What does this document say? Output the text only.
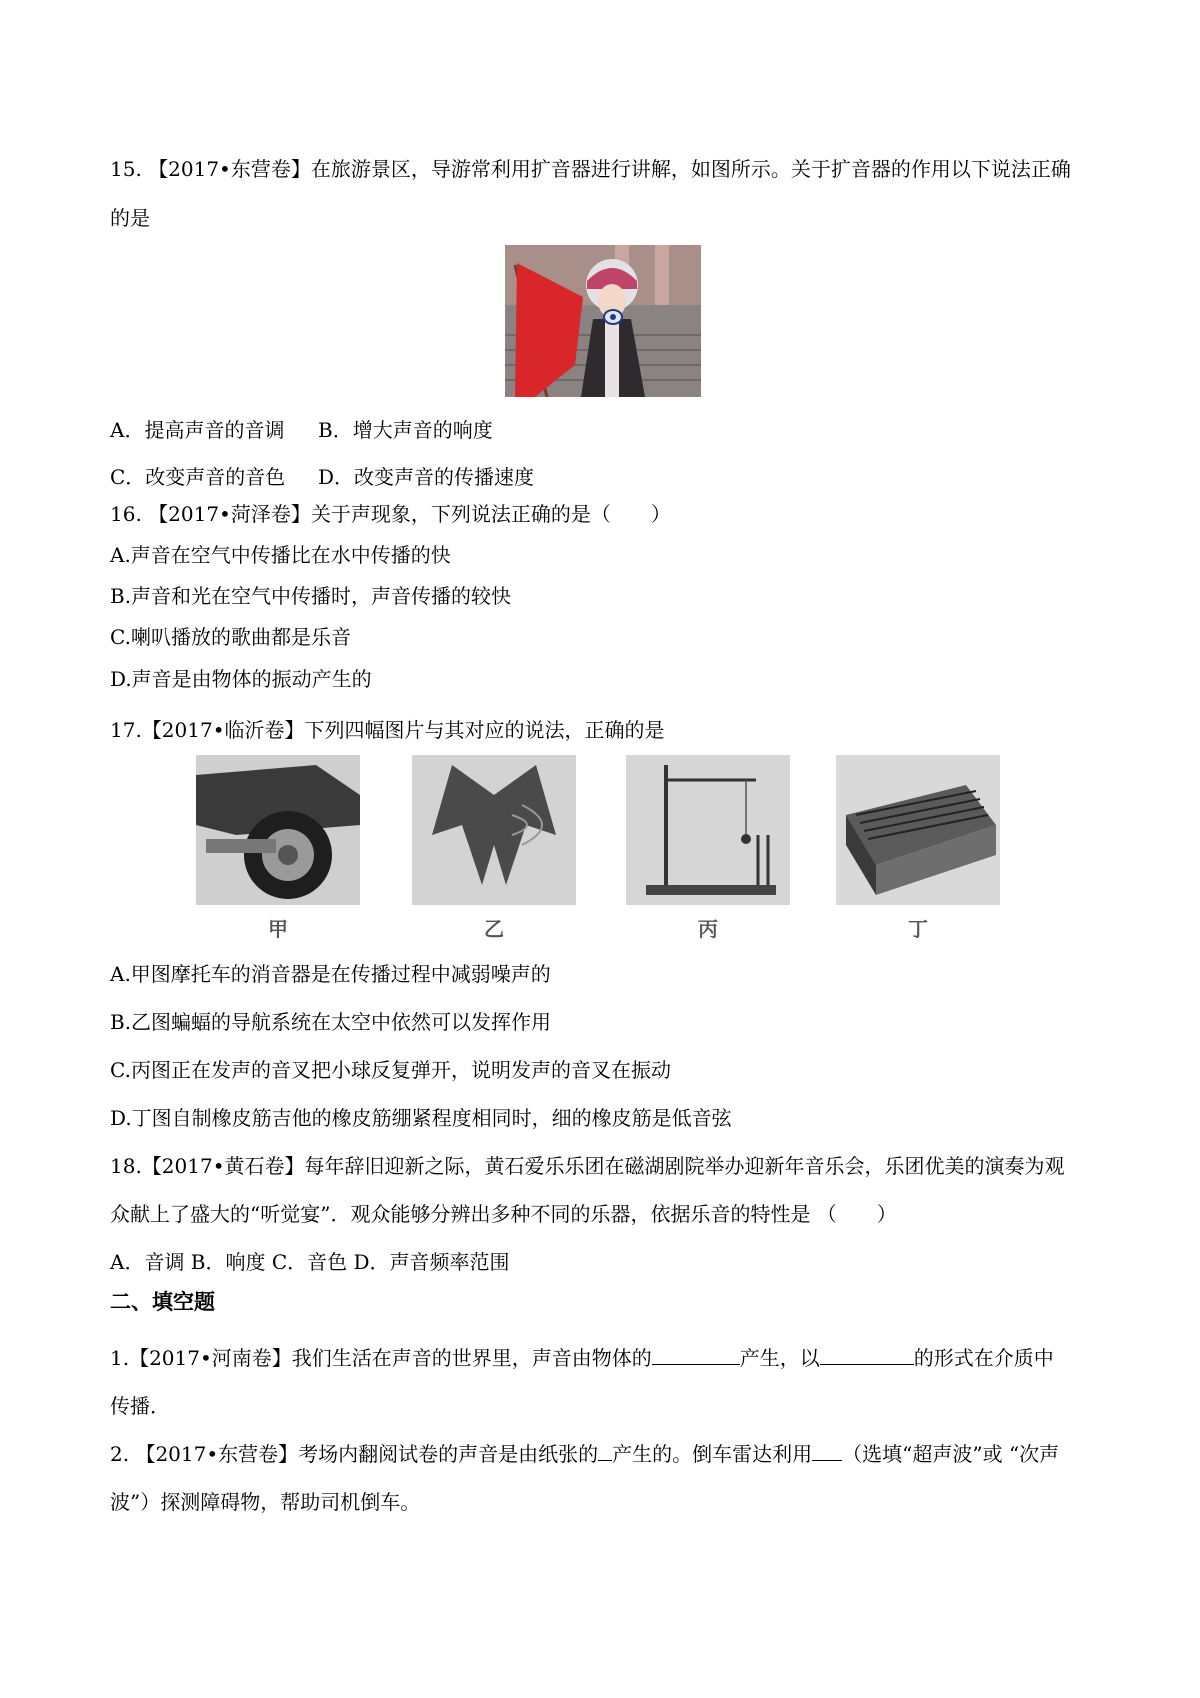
15. 【2017•东营卷】在旅游景区，导游常利用扩音器进行讲解，如图所示。关于扩音器的作用以下说法正确
的是
A．提高声音的音调 B．增大声音的响度
C．改变声音的音色 D．改变声音的传播速度
16. 【2017•菏泽卷】关于声现象，下列说法正确的是（　　）
A.声音在空气中传播比在水中传播的快
B.声音和光在空气中传播时，声音传播的较快
C.喇叭播放的歌曲都是乐音
D.声音是由物体的振动产生的
17.【2017•临沂卷】下列四幅图片与其对应的说法，正确的是
甲	乙	丙	丁
A.甲图摩托车的消音器是在传播过程中减弱噪声的
B.乙图蝙蝠的导航系统在太空中依然可以发挥作用
C.丙图正在发声的音叉把小球反复弹开，说明发声的音叉在振动
D.丁图自制橡皮筋吉他的橡皮筋绷紧程度相同时，细的橡皮筋是低音弦
18.【2017•黄石卷】每年辞旧迎新之际，黄石爱乐乐团在磁湖剧院举办迎新年音乐会，乐团优美的演奏为观
众献上了盛大的“听觉宴”．观众能够分辨出多种不同的乐器，依据乐音的特性是 （　　）
A．音调 B．响度 C．音色 D．声音频率范围
二、填空题
1.【2017•河南卷】我们生活在声音的世界里，声音由物体的	产生，以	的形式在介质中
传播．
2. 【2017•东营卷】考场内翻阅试卷的声音是由纸张的 产生的。倒车雷达利用 （选填“超声波”或 “次声
波”）探测障碍物，帮助司机倒车。
